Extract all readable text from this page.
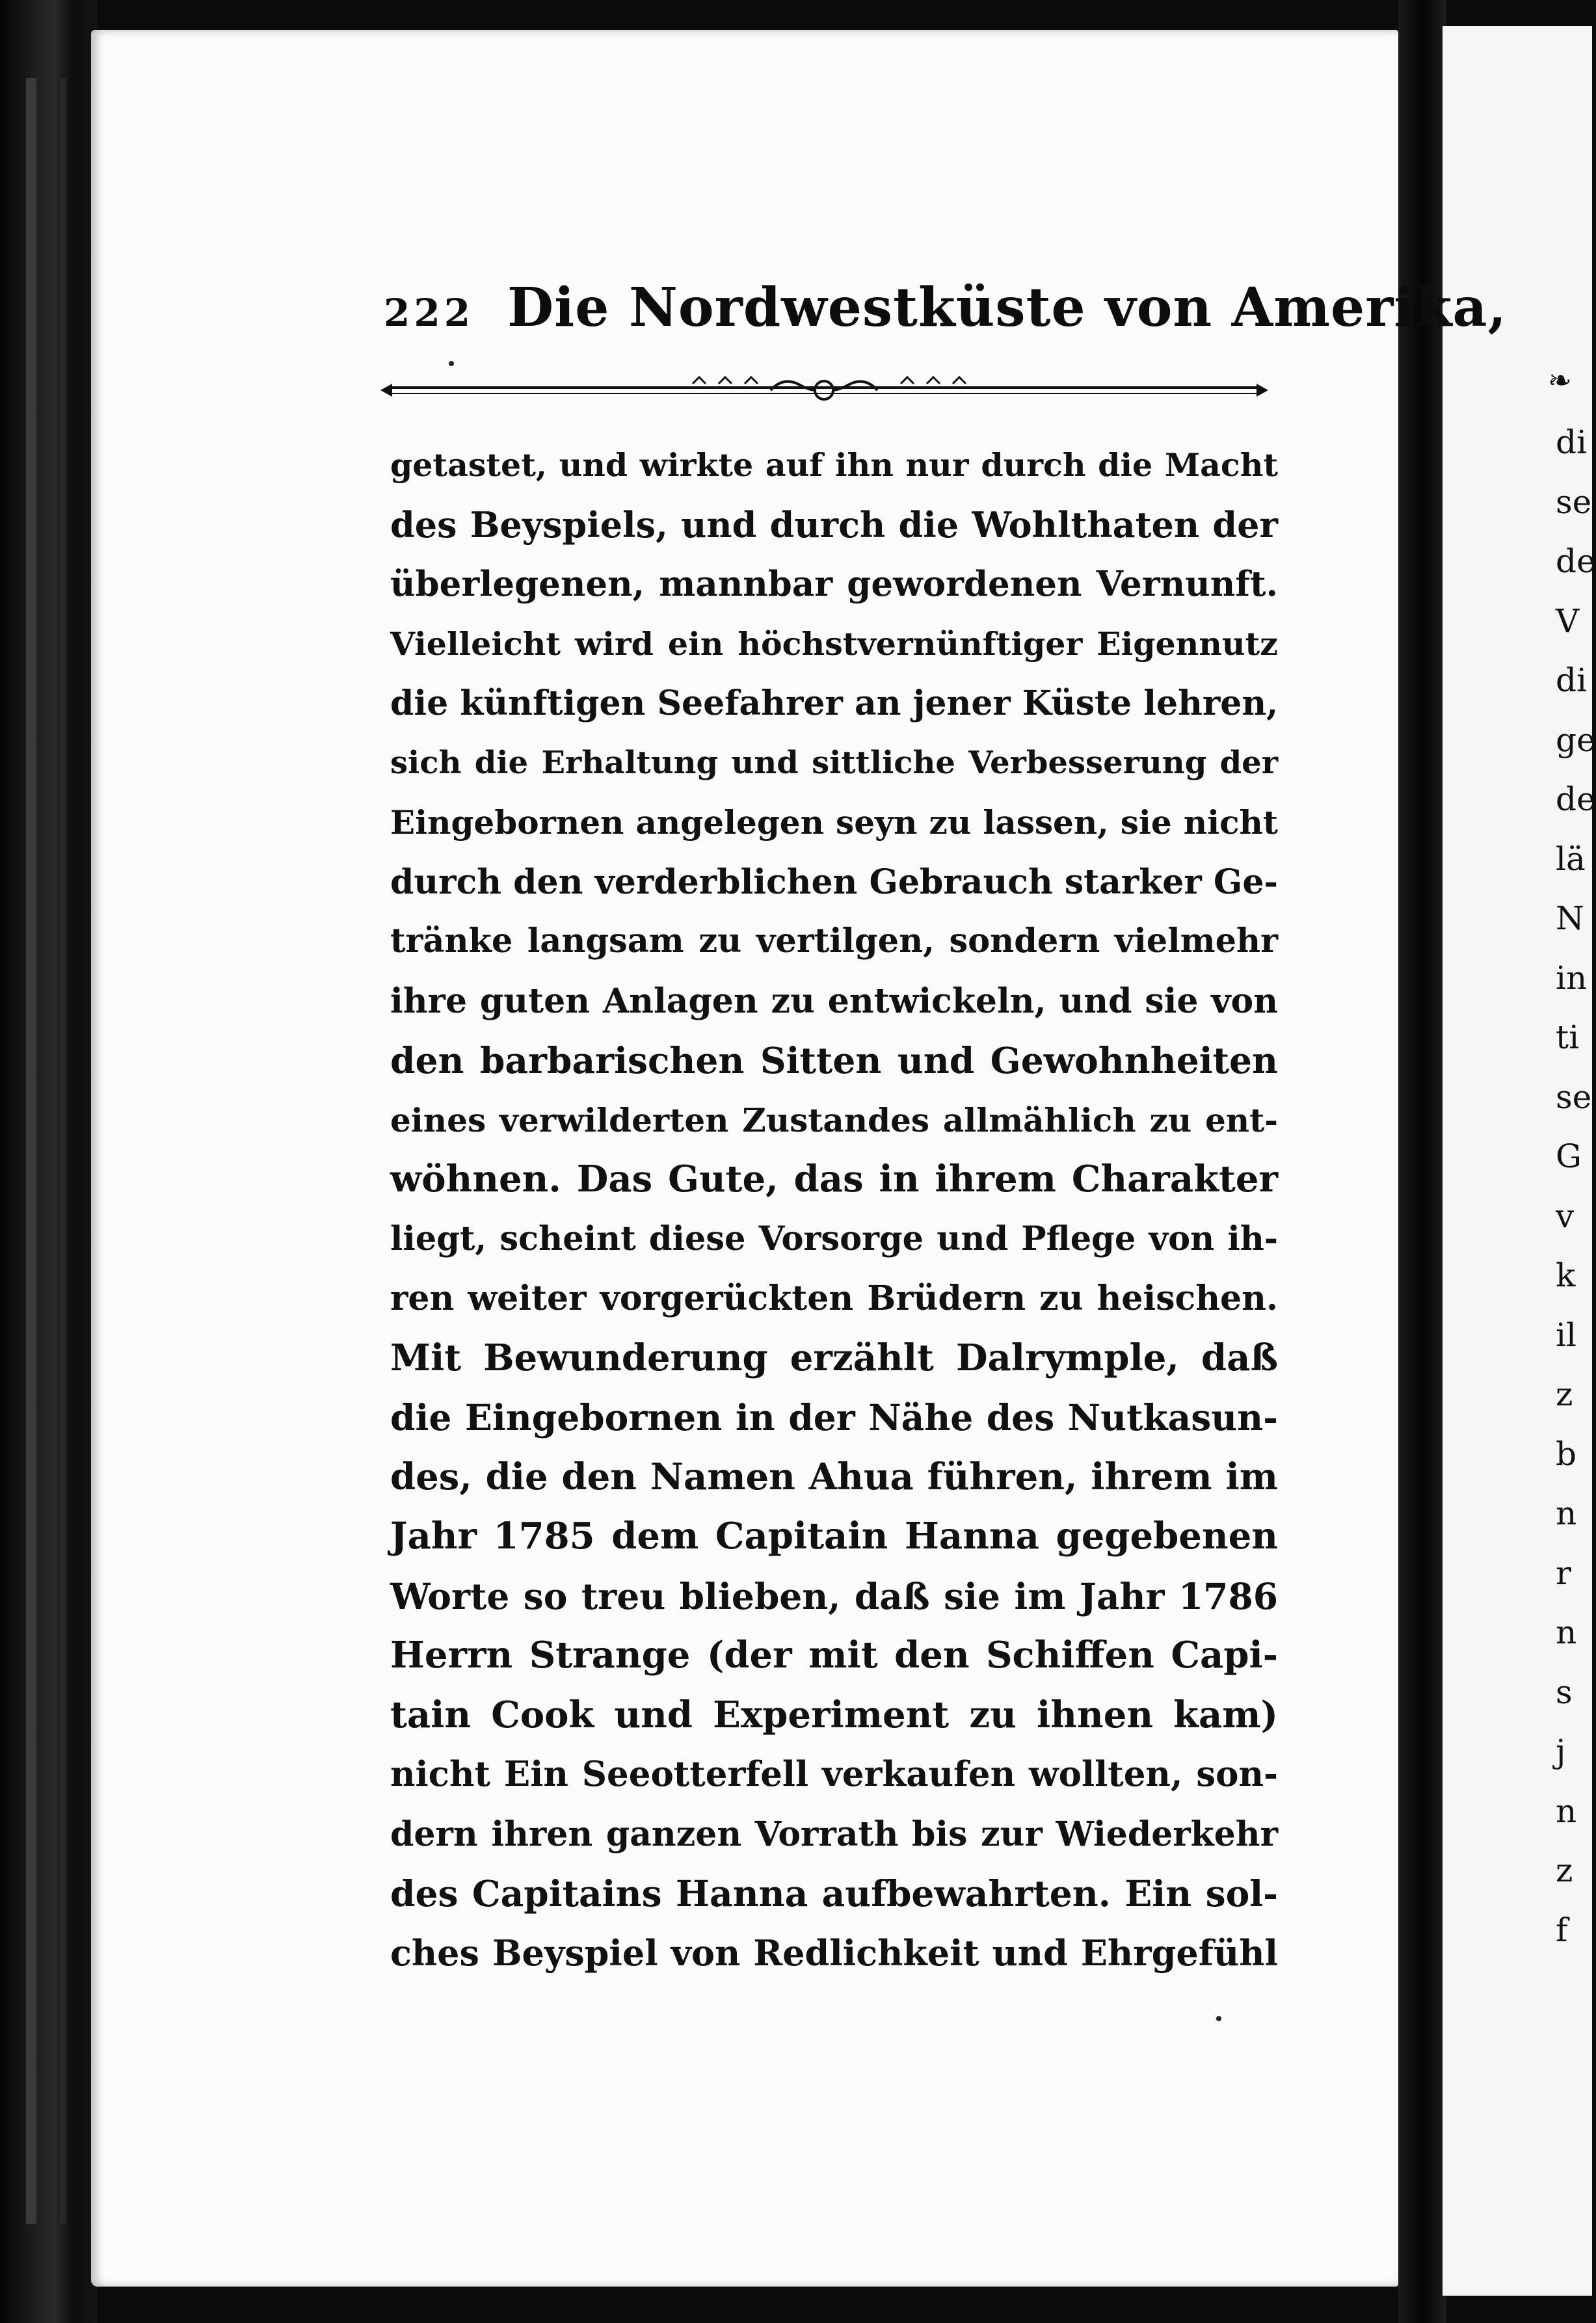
❧
di
se
de
V
di
ge
de
lä
N
in
ti
se
G
v
k
il
z
b
n
r
n
s
j
n
z
f
222 Die Nordwestküste von Amerika,
getastet, und wirkte auf ihn nur durch die Macht
des Beyspiels, und durch die Wohlthaten der
überlegenen, mannbar gewordenen Vernunft.
Vielleicht wird ein höchstvernünftiger Eigennutz
die künftigen Seefahrer an jener Küste lehren,
sich die Erhaltung und sittliche Verbesserung der
Eingebornen angelegen seyn zu lassen, sie nicht
durch den verderblichen Gebrauch starker Ge-
tränke langsam zu vertilgen, sondern vielmehr
ihre guten Anlagen zu entwickeln, und sie von
den barbarischen Sitten und Gewohnheiten
eines verwilderten Zustandes allmählich zu ent-
wöhnen. Das Gute, das in ihrem Charakter
liegt, scheint diese Vorsorge und Pflege von ih-
ren weiter vorgerückten Brüdern zu heischen.
Mit Bewunderung erzählt Dalrymple, daß
die Eingebornen in der Nähe des Nutkasun-
des, die den Namen Ahua führen, ihrem im
Jahr 1785 dem Capitain Hanna gegebenen
Worte so treu blieben, daß sie im Jahr 1786
Herrn Strange (der mit den Schiffen Capi-
tain Cook und Experiment zu ihnen kam)
nicht Ein Seeotterfell verkaufen wollten, son-
dern ihren ganzen Vorrath bis zur Wiederkehr
des Capitains Hanna aufbewahrten. Ein sol-
ches Beyspiel von Redlichkeit und Ehrgefühl
